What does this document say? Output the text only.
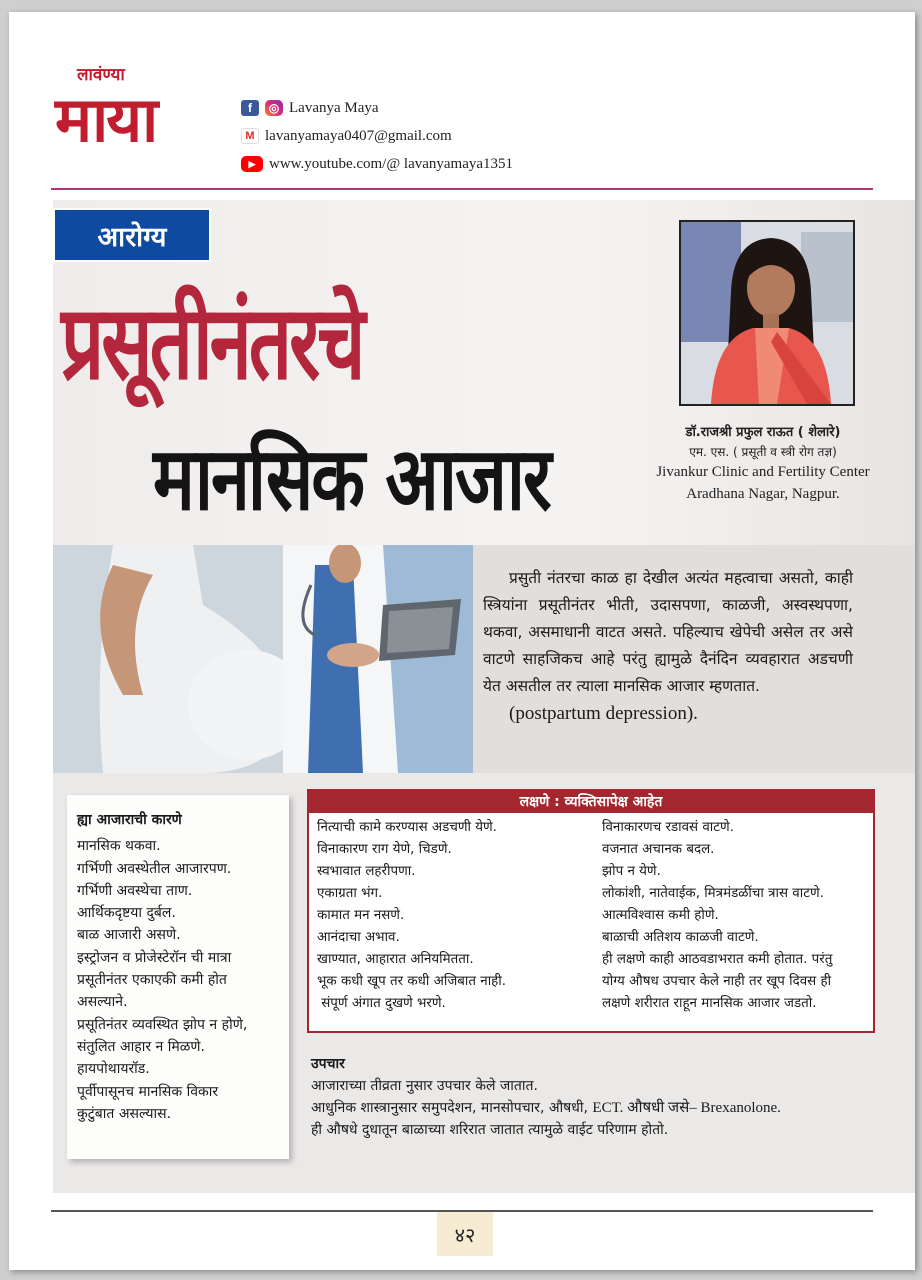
लावंण्या
माया	f	◎ Lavanya Maya
M lavanyamaya0407@gmail.com
▶ www.youtube.com/@ lavanyamaya1351
आरोग्य
प्रसूतीनंतरचे
मानसिक आजार	डॉ.राजश्री प्रफुल राऊत ( शेलारे)
एम. एस. ( प्रसूती व स्त्री रोग तज्ञ)
Jivankur Clinic and Fertility Center
Aradhana Nagar, Nagpur.
प्रसुती नंतरचा काळ हा देखील अत्यंत महत्वाचा असतो, काही स्त्रियांना प्रसूतीनंतर भीती, उदासपणा, काळजी, अस्वस्थपणा, थकवा, असमाधानी वाटत असते. पहिल्याच खेपेची असेल तर असे वाटणे साहजिकच आहे परंतु ह्यामुळे दैनंदिन व्यवहारात अडचणी येत असतील तर त्याला मानसिक आजार म्हणतात.
(postpartum depression).
ह्या आजाराची कारणे
मानसिक थकवा.
गर्भिणी अवस्थेतील आजारपण.
गर्भिणी अवस्थेचा ताण.
आर्थिकदृष्टया दुर्बल.
बाळ आजारी असणे.
इस्ट्रोजन व प्रोजेस्टेरॉन ची मात्रा
प्रसूतीनंतर एकाएकी कमी होत
असल्याने.
प्रसूतिनंतर व्यवस्थित झोप न होणे,
संतुलित आहार न मिळणे.
हायपोथायरॉड.
पूर्वीपासूनच मानसिक विकार
कुटुंबात असल्यास.
लक्षणे : व्यक्तिसापेक्ष आहेत
नित्याची कामे करण्यास अडचणी येणे.
विनाकारण राग येणे, चिडणे.
स्वभावात लहरीपणा.
एकाग्रता भंग.
कामात मन नसणे.
आनंदाचा अभाव.
खाण्यात, आहारात अनियमितता.
भूक कधी खूप तर कधी अजिबात नाही.
संपूर्ण अंगात दुखणे भरणे.
विनाकारणच रडावसं वाटणे.
वजनात अचानक बदल.
झोप न येणे.
लोकांशी, नातेवाईक, मित्रमंडळींचा त्रास वाटणे.
आत्मविश्वास कमी होणे.
बाळाची अतिशय काळजी वाटणे.
ही लक्षणे काही आठवडाभरात कमी होतात. परंतु
योग्य औषध उपचार केले नाही तर खूप दिवस ही
लक्षणे शरीरात राहून मानसिक आजार जडतो.
उपचार
आजाराच्या तीव्रता नुसार उपचार केले जातात.
आधुनिक शास्त्रानुसार समुपदेशन, मानसोपचार, औषधी, ECT. औषधी जसे– Brexanolone.
ही औषधे दुधातून बाळाच्या शरिरात जातात त्यामुळे वाईट परिणाम होतो.
४२
